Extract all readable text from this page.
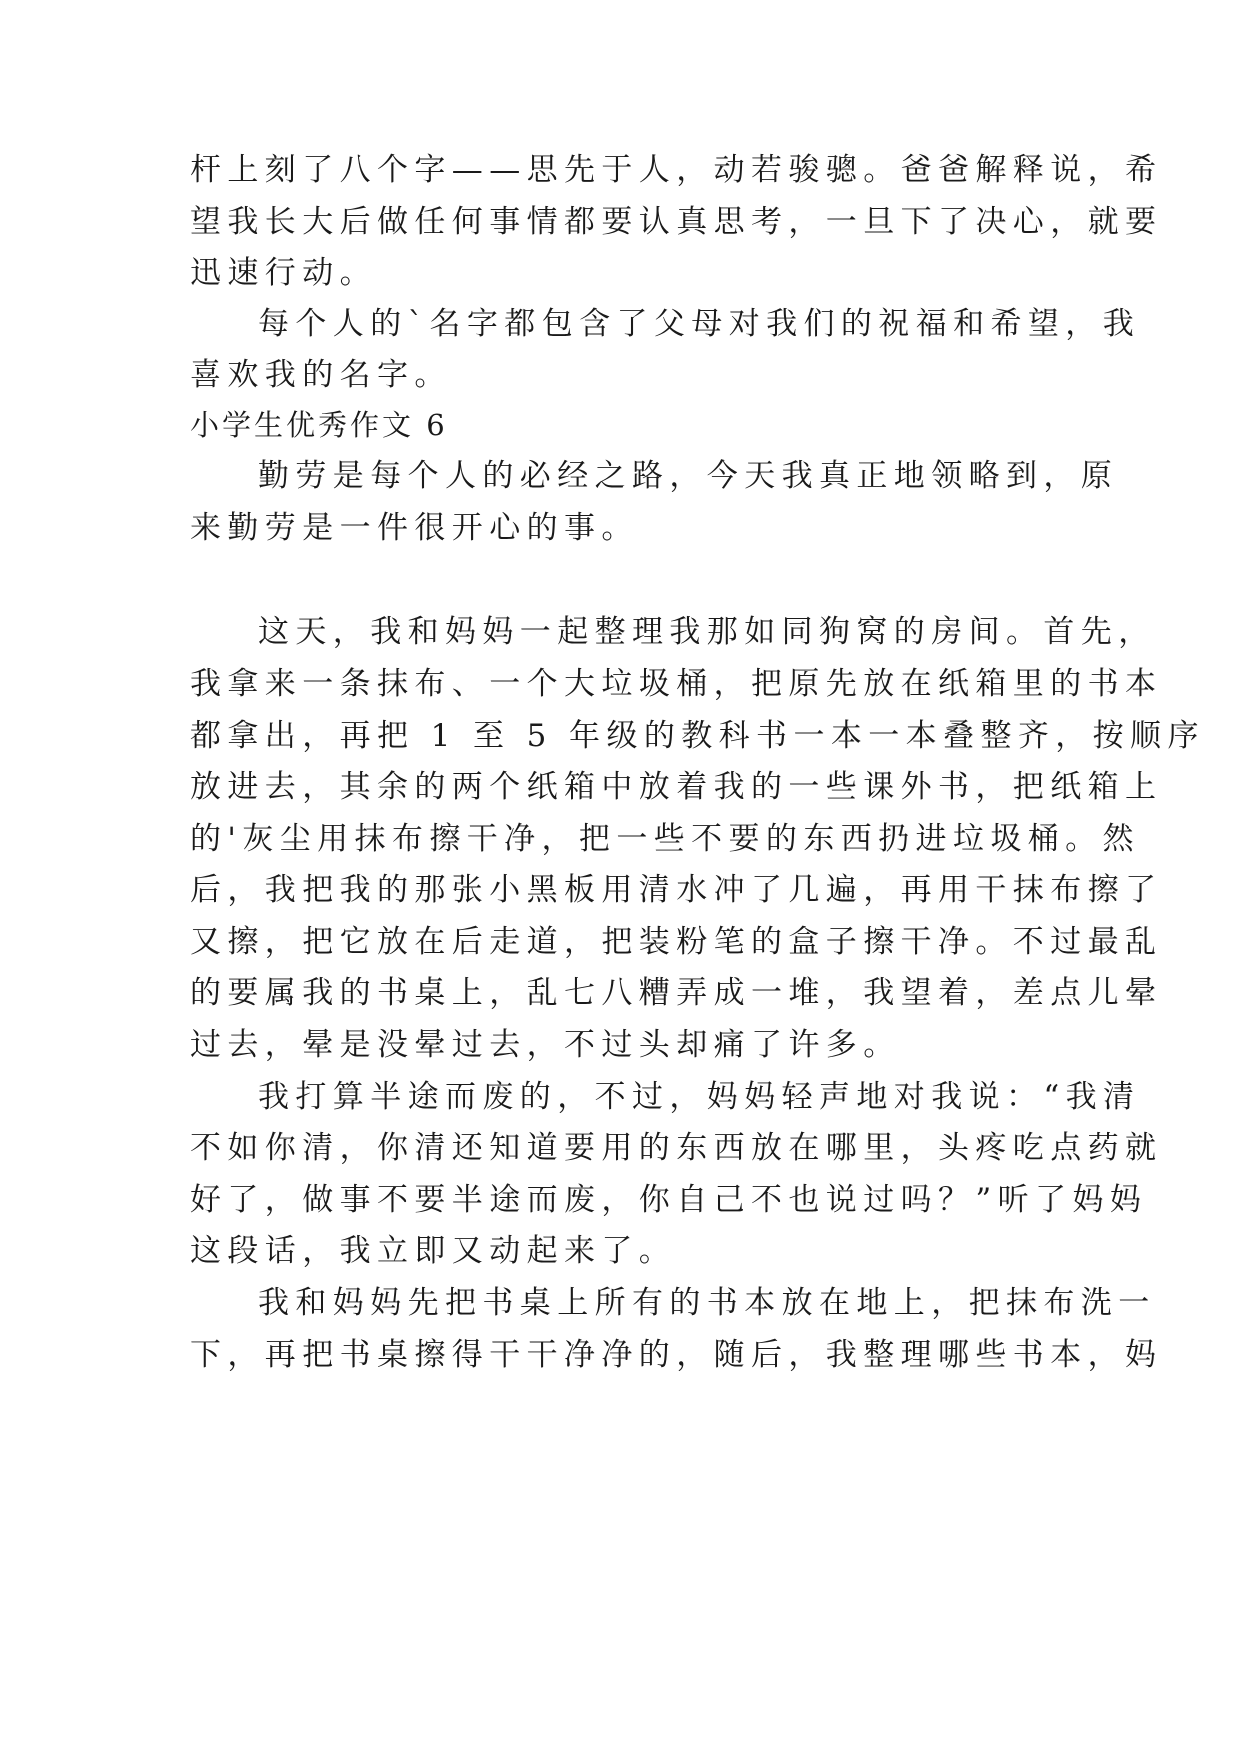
杆上刻了八个字——思先于人，动若骏骢。爸爸解释说，希
望我长大后做任何事情都要认真思考，一旦下了决心，就要
迅速行动。
每个人的`名字都包含了父母对我们的祝福和希望，我
喜欢我的名字。
小学生优秀作文 6
勤劳是每个人的必经之路，今天我真正地领略到，原
来勤劳是一件很开心的事。
这天，我和妈妈一起整理我那如同狗窝的房间。首先，
我拿来一条抹布、一个大垃圾桶，把原先放在纸箱里的书本
都拿出，再把 1 至 5 年级的教科书一本一本叠整齐，按顺序
放进去，其余的两个纸箱中放着我的一些课外书，把纸箱上
的'灰尘用抹布擦干净，把一些不要的东西扔进垃圾桶。然
后，我把我的那张小黑板用清水冲了几遍，再用干抹布擦了
又擦，把它放在后走道，把装粉笔的盒子擦干净。不过最乱
的要属我的书桌上，乱七八糟弄成一堆，我望着，差点儿晕
过去，晕是没晕过去，不过头却痛了许多。
我打算半途而废的，不过，妈妈轻声地对我说：“我清
不如你清，你清还知道要用的东西放在哪里，头疼吃点药就
好了，做事不要半途而废，你自己不也说过吗？”听了妈妈
这段话，我立即又动起来了。
我和妈妈先把书桌上所有的书本放在地上，把抹布洗一
下，再把书桌擦得干干净净的，随后，我整理哪些书本，妈
